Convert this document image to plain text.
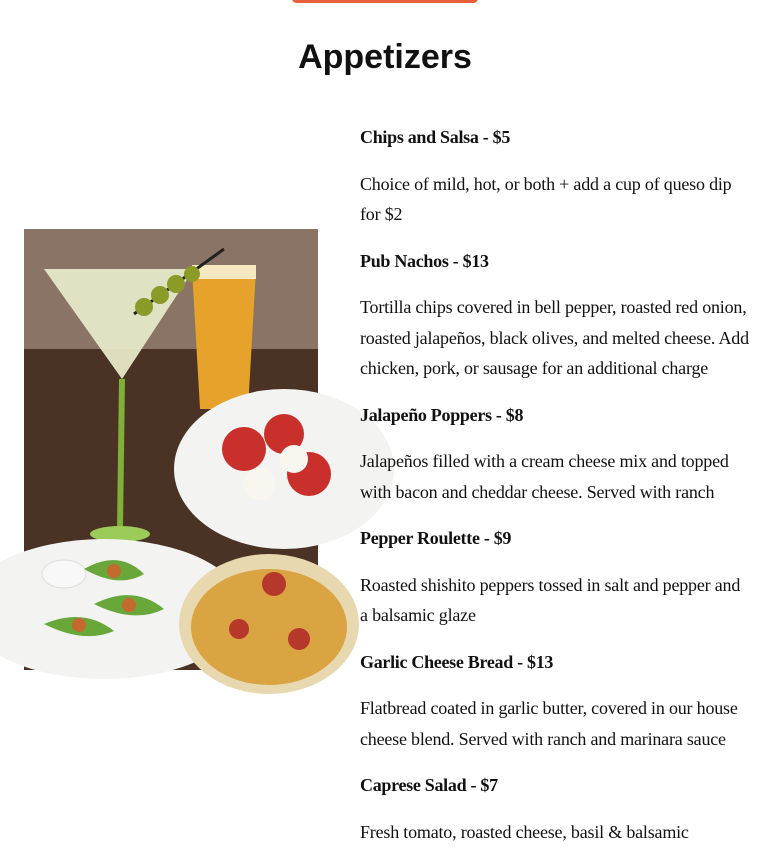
Appetizers
Chips and Salsa - $5
Choice of mild, hot, or both + add a cup of queso dip for $2
Pub Nachos - $13
Tortilla chips covered in bell pepper, roasted red onion, roasted jalapeños, black olives, and melted cheese. Add chicken, pork, or sausage for an additional charge
Jalapeño Poppers - $8
Jalapeños filled with a cream cheese mix and topped with bacon and cheddar cheese. Served with ranch
Pepper Roulette - $9
Roasted shishito peppers tossed in salt and pepper and a balsamic glaze
Garlic Cheese Bread - $13
Flatbread coated in garlic butter, covered in our house cheese blend. Served with ranch and marinara sauce
Caprese Salad - $7
Fresh tomato, roasted cheese, basil & balsamic
